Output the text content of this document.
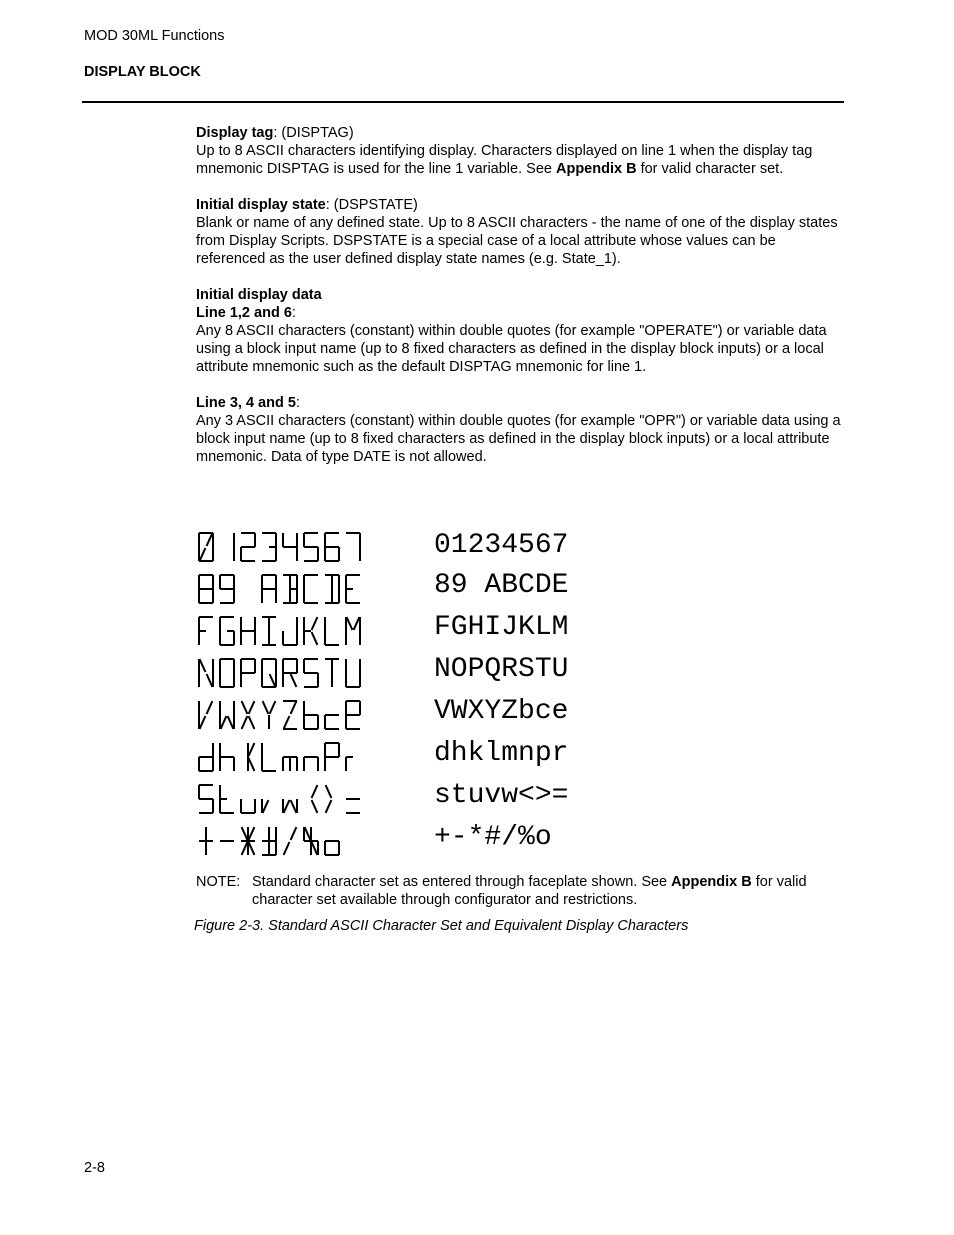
MOD 30ML Functions
DISPLAY BLOCK

Display tag: (DISPTAG)
Up to 8 ASCII characters identifying display. Characters displayed on line 1 when the display tag mnemonic DISPTAG is used for the line 1 variable. See Appendix B for valid character set.

Initial display state: (DSPSTATE)
Blank or name of any defined state. Up to 8 ASCII characters - the name of one of the display states from Display Scripts. DSPSTATE is a special case of a local attribute whose values can be referenced as the user defined display state names (e.g. State_1).

Initial display data
Line 1,2 and 6:
Any 8 ASCII characters (constant) within double quotes (for example "OPERATE") or variable data using a block input name (up to 8 fixed characters as defined in the display block inputs) or a local attribute mnemonic such as the default DISPTAG mnemonic for line 1.

Line 3, 4 and 5:
Any 3 ASCII characters (constant) within double quotes (for example "OPR") or variable data using a block input name (up to 8 fixed characters as defined in the display block inputs) or a local attribute mnemonic. Data of type DATE is not allowed.

01234567
89 ABCDE
FGHIJKLM
NOPQRSTU
VWXYZbce
dhklmnpr
stuvw<>=
+-*#/%o
NOTE: Standard character set as entered through faceplate shown. See Appendix B for valid character set available through configurator and restrictions.
Figure 2-3. Standard ASCII Character Set and Equivalent Display Characters
2-8
